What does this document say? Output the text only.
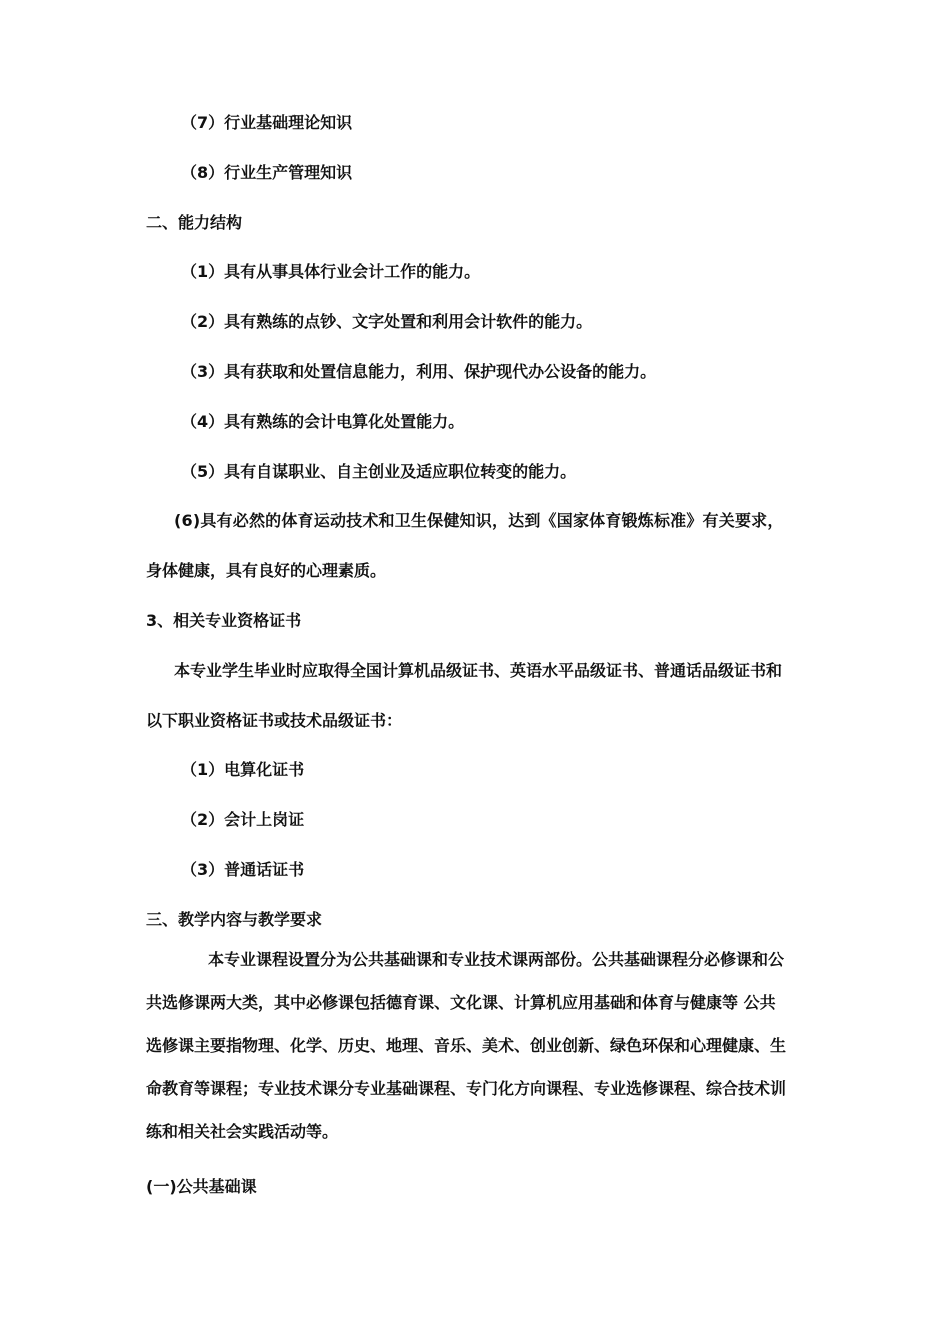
（7）行业基础理论知识
（8）行业生产管理知识
二、能力结构
（1）具有从事具体行业会计工作的能力。
（2）具有熟练的点钞、文字处置和利用会计软件的能力。
（3）具有获取和处置信息能力，利用、保护现代办公设备的能力。
（4）具有熟练的会计电算化处置能力。
（5）具有自谋职业、自主创业及适应职位转变的能力。
(6)具有必然的体育运动技术和卫生保健知识，达到《国家体育锻炼标准》有关要求，
身体健康，具有良好的心理素质。
3、相关专业资格证书
本专业学生毕业时应取得全国计算机品级证书、英语水平品级证书、普通话品级证书和
以下职业资格证书或技术品级证书：
（1）电算化证书
（2）会计上岗证
（3）普通话证书
三、教学内容与教学要求
本专业课程设置分为公共基础课和专业技术课两部份。公共基础课程分必修课和公
共选修课两大类，其中必修课包括德育课、文化课、计算机应用基础和体育与健康等 公共
选修课主要指物理、化学、历史、地理、音乐、美术、创业创新、绿色环保和心理健康、生
命教育等课程；专业技术课分专业基础课程、专门化方向课程、专业选修课程、综合技术训
练和相关社会实践活动等。
(一)公共基础课
